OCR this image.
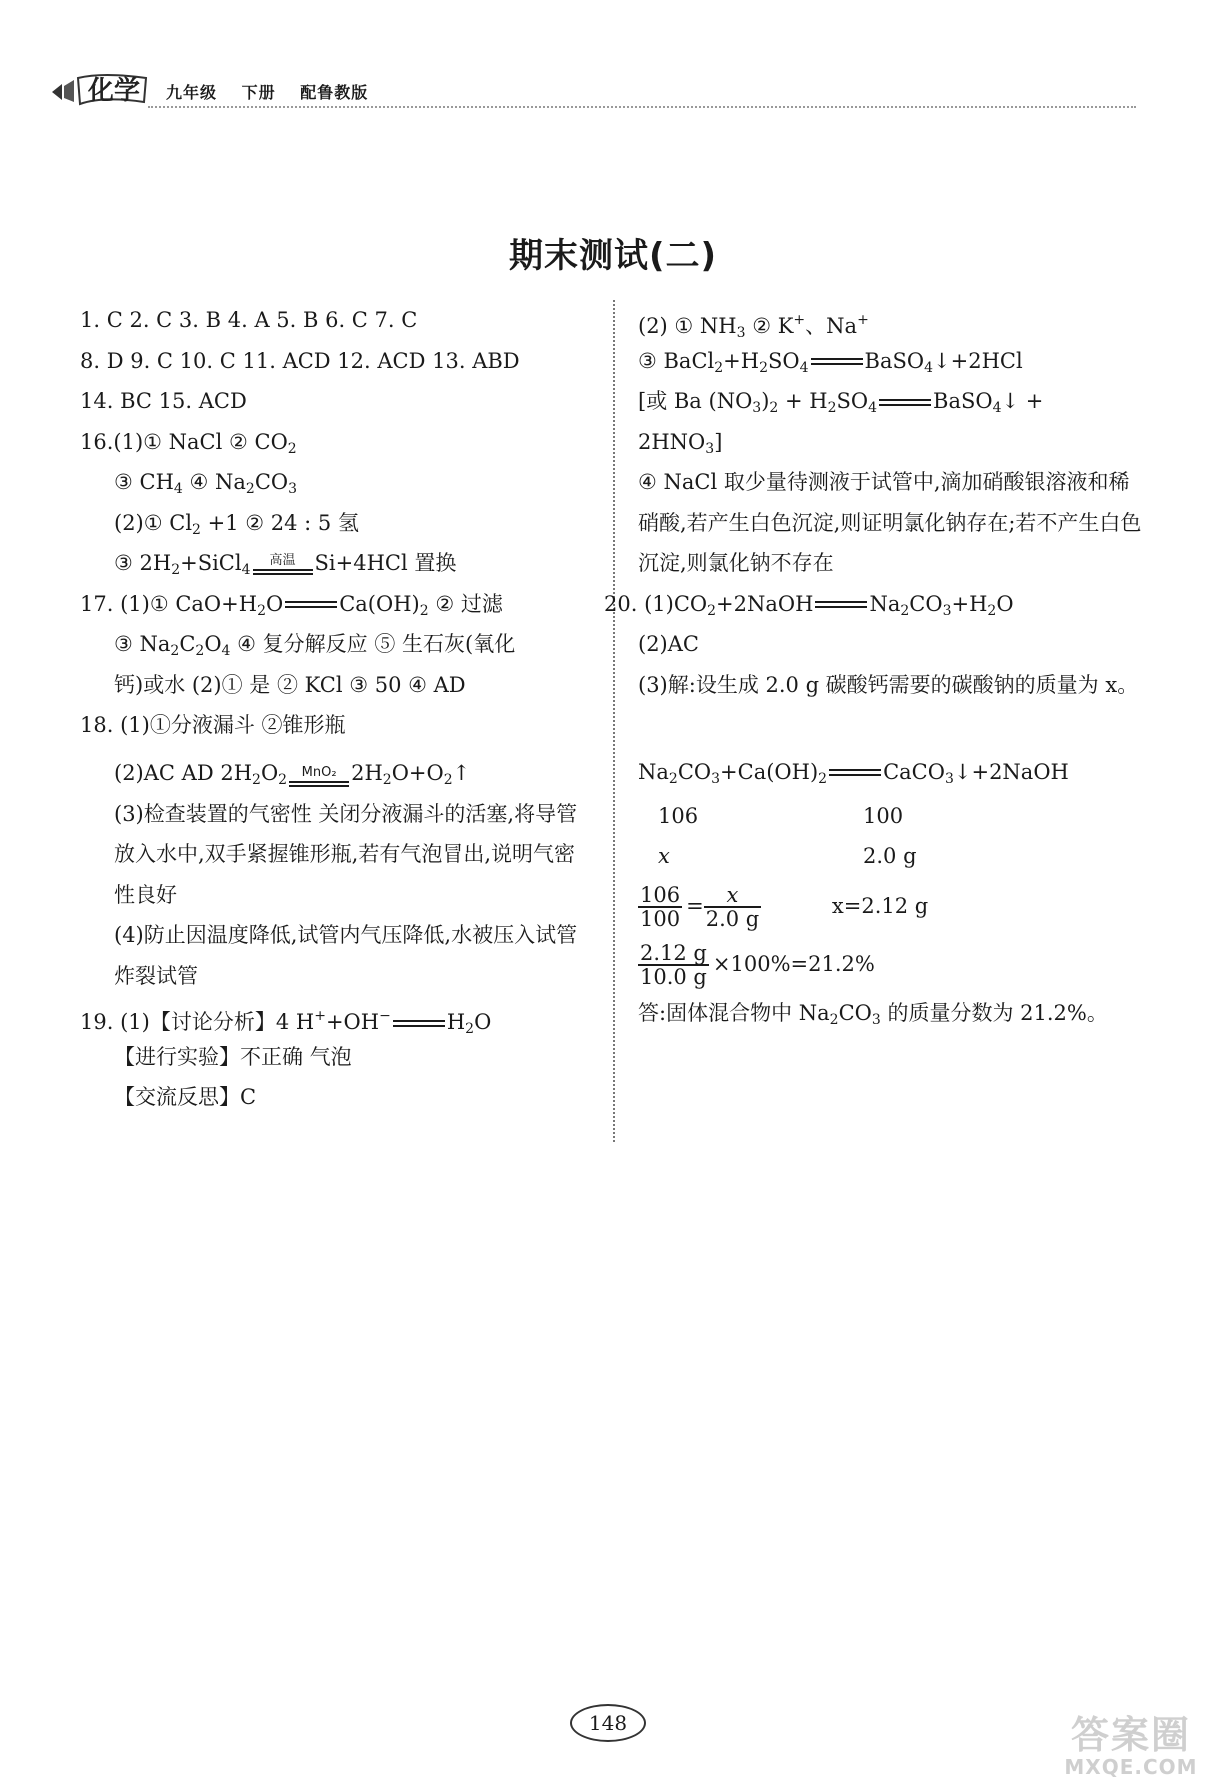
化学 九年级 下册 配鲁教版
期末测试(二)
1. C 2. C 3. B 4. A 5. B 6. C 7. C
8. D 9. C 10. C 11. ACD 12. ACD 13. ABD
14. BC 15. ACD
16.(1)① NaCl ② $CO_2$
③ $CH_4$ ④ $Na_2CO_3$
(2)① $Cl_2 +1$ ② 24 : 5 氢
③ $2H_2+SiCl_4$
高温 Si+4HCl 置换
17. (1)① $CaO+H_2O$	$Ca(OH)_2$ ② 过滤
③ $Na_2C_2O_4$ ④ 复分解反应 ⑤ 生石灰(氧化
钙)或水 (2)① 是 ② KCl ③ 50 ④ AD
18. (1)①分液漏斗 ②锥形瓶
(2)AC AD $2H_2O_2$	MnO₂ $2H_2O+O_2↑$
(3)检查装置的气密性 关闭分液漏斗的活塞,将导管放入水中,双手紧握锥形瓶,若有气泡冒出,说明气密性良好
(4)防止因温度降低,试管内气压降低,水被压入试管炸裂试管
19. (1)【讨论分析】4 H++OH−	$H_2O$
【进行实验】不正确 气泡
【交流反思】C
(2) ① $NH_3$ ② K+、Na+
③ $BaCl_2+H_2SO_4$	BaSO$_4$↓+2HCl
[或 Ba $(NO_3)_2 + H_2SO_4$	BaSO$_4$↓ +
$2HNO_3$]
④ NaCl 取少量待测液于试管中,滴加硝酸银溶液和稀硝酸,若产生白色沉淀,则证明氯化钠存在;若不产生白色沉淀,则氯化钠不存在
20. $(1)CO_2+2NaOH$	$Na_2CO_3+H_2O$
(2)AC
(3)解:设生成 2.0 g 碳酸钙需要的碳酸钠的质量为 x。
$Na_2CO_3+Ca(OH)_2$	CaCO$_3$↓+2NaOH
106	100
x	2.0 g
$\frac{106}{100} = \frac{x}{2.0 g}$	x=2.12 g
$\frac{2.12 g}{10.0 g} \times 100\%=21.2\%$
答:固体混合物中 $Na_2CO_3$ 的质量分数为 21.2%。
148	答案圈
MXQE.COM
